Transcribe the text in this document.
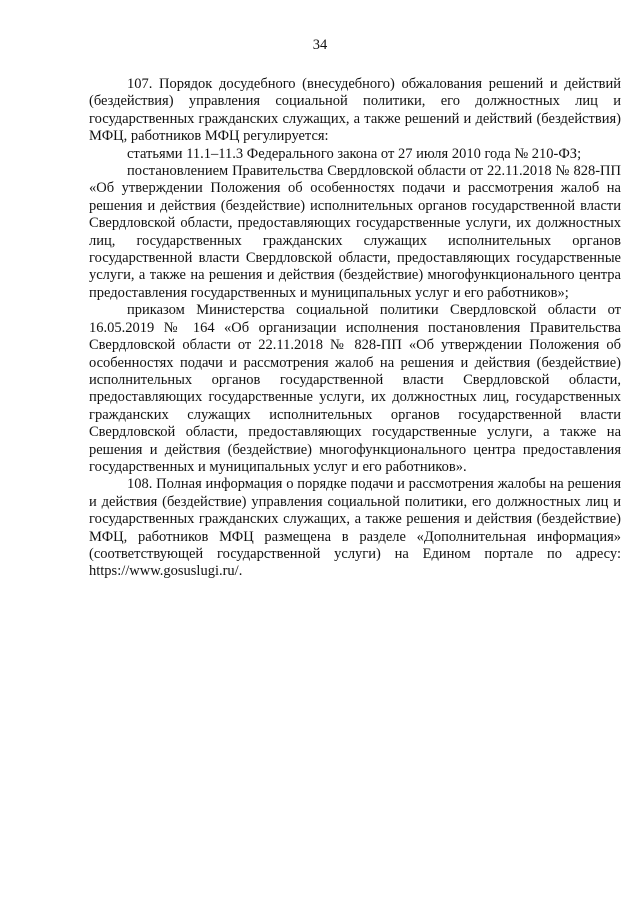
34

107. Порядок досудебного (внесудебного) обжалования решений и действий (бездействия) управления социальной политики, его должностных лиц и государственных гражданских служащих, а также решений и действий (бездействия) МФЦ, работников МФЦ регулируется:

статьями 11.1–11.3 Федерального закона от 27 июля 2010 года № 210-ФЗ;

постановлением Правительства Свердловской области от 22.11.2018 № 828-ПП «Об утверждении Положения об особенностях подачи и рассмотрения жалоб на решения и действия (бездействие) исполнительных органов государственной власти Свердловской области, предоставляющих государственные услуги, их должностных лиц, государственных гражданских служащих исполнительных органов государственной власти Свердловской области, предоставляющих государственные услуги, а также на решения и действия (бездействие) многофункционального центра предоставления государственных и муниципальных услуг и его работников»;

приказом Министерства социальной политики Свердловской области от 16.05.2019 № 164 «Об организации исполнения постановления Правительства Свердловской области от 22.11.2018 № 828-ПП «Об утверждении Положения об особенностях подачи и рассмотрения жалоб на решения и действия (бездействие) исполнительных органов государственной власти Свердловской области, предоставляющих государственные услуги, их должностных лиц, государственных гражданских служащих исполнительных органов государственной власти Свердловской области, предоставляющих государственные услуги, а также на решения и действия (бездействие) многофункционального центра предоставления государственных и муниципальных услуг и его работников».

108. Полная информация о порядке подачи и рассмотрения жалобы на решения и действия (бездействие) управления социальной политики, его должностных лиц и государственных гражданских служащих, а также решения и действия (бездействие) МФЦ, работников МФЦ размещена в разделе «Дополнительная информация» (соответствующей государственной услуги) на Едином портале по адресу: https://www.gosuslugi.ru/.
